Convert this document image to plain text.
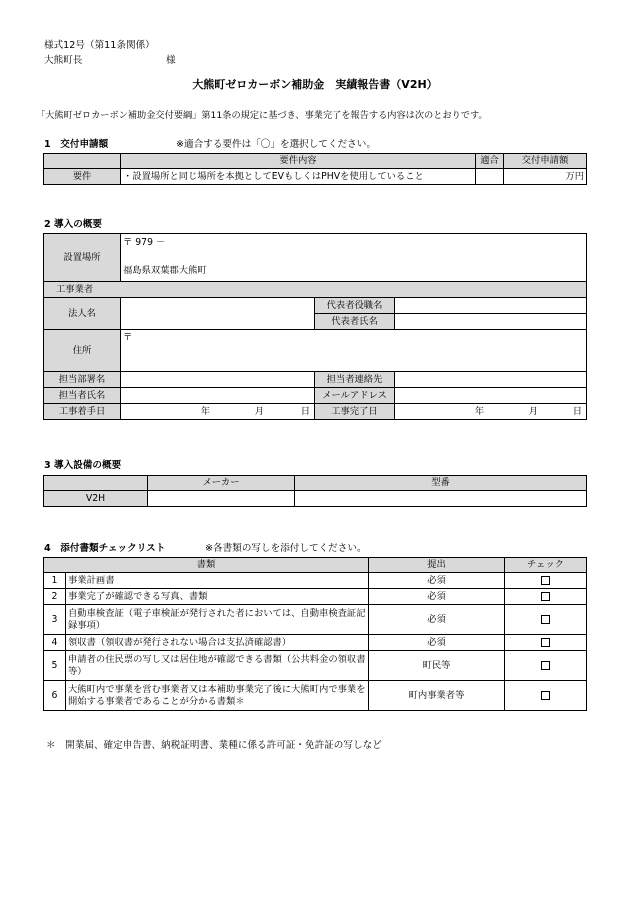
様式12号（第11条関係）
大熊町長	様
大熊町ゼロカーボン補助金　実績報告書（V2H）
「大熊町ゼロカーボン補助金交付要綱」第11条の規定に基づき、事業完了を報告する内容は次のとおりです。
1　交付申請額	※適合する要件は「〇」を選択してください。
	要件内容	適合	交付申請額
要件	・設置場所と同じ場所を本拠としてEVもしくはPHVを使用していること		万円
2 導入の概要
設置場所	〒 979 －
福島県双葉郡大熊町		

工事業者			
法人名		代表者役職名	
		代表者氏名	
住所	〒		
担当部署名		担当者連絡先	
担当者氏名		メールアドレス	
工事着手日	年 月 日	工事完了日	年 月 日
3 導入設備の概要
	メーカー	型番
V2H		
4　添付書類チェックリスト	※各書類の写しを添付してください。
書類		提出	チェック
1	事業計画書	必須	
2	事業完了が確認できる写真、書類	必須	
3	自動車検査証（電子車検証が発行された者においては、自動車検査証記録事項）	必須	
4	領収書（領収書が発行されない場合は支払済確認書）	必須	
5	申請者の住民票の写し又は居住地が確認できる書類（公共料金の領収書等）	町民等	
6	大熊町内で事業を営む事業者又は本補助事業完了後に大熊町内で事業を開始する事業者であることが分かる書類＊	町内事業者等	
＊　開業届、確定申告書、納税証明書、業種に係る許可証・免許証の写しなど
